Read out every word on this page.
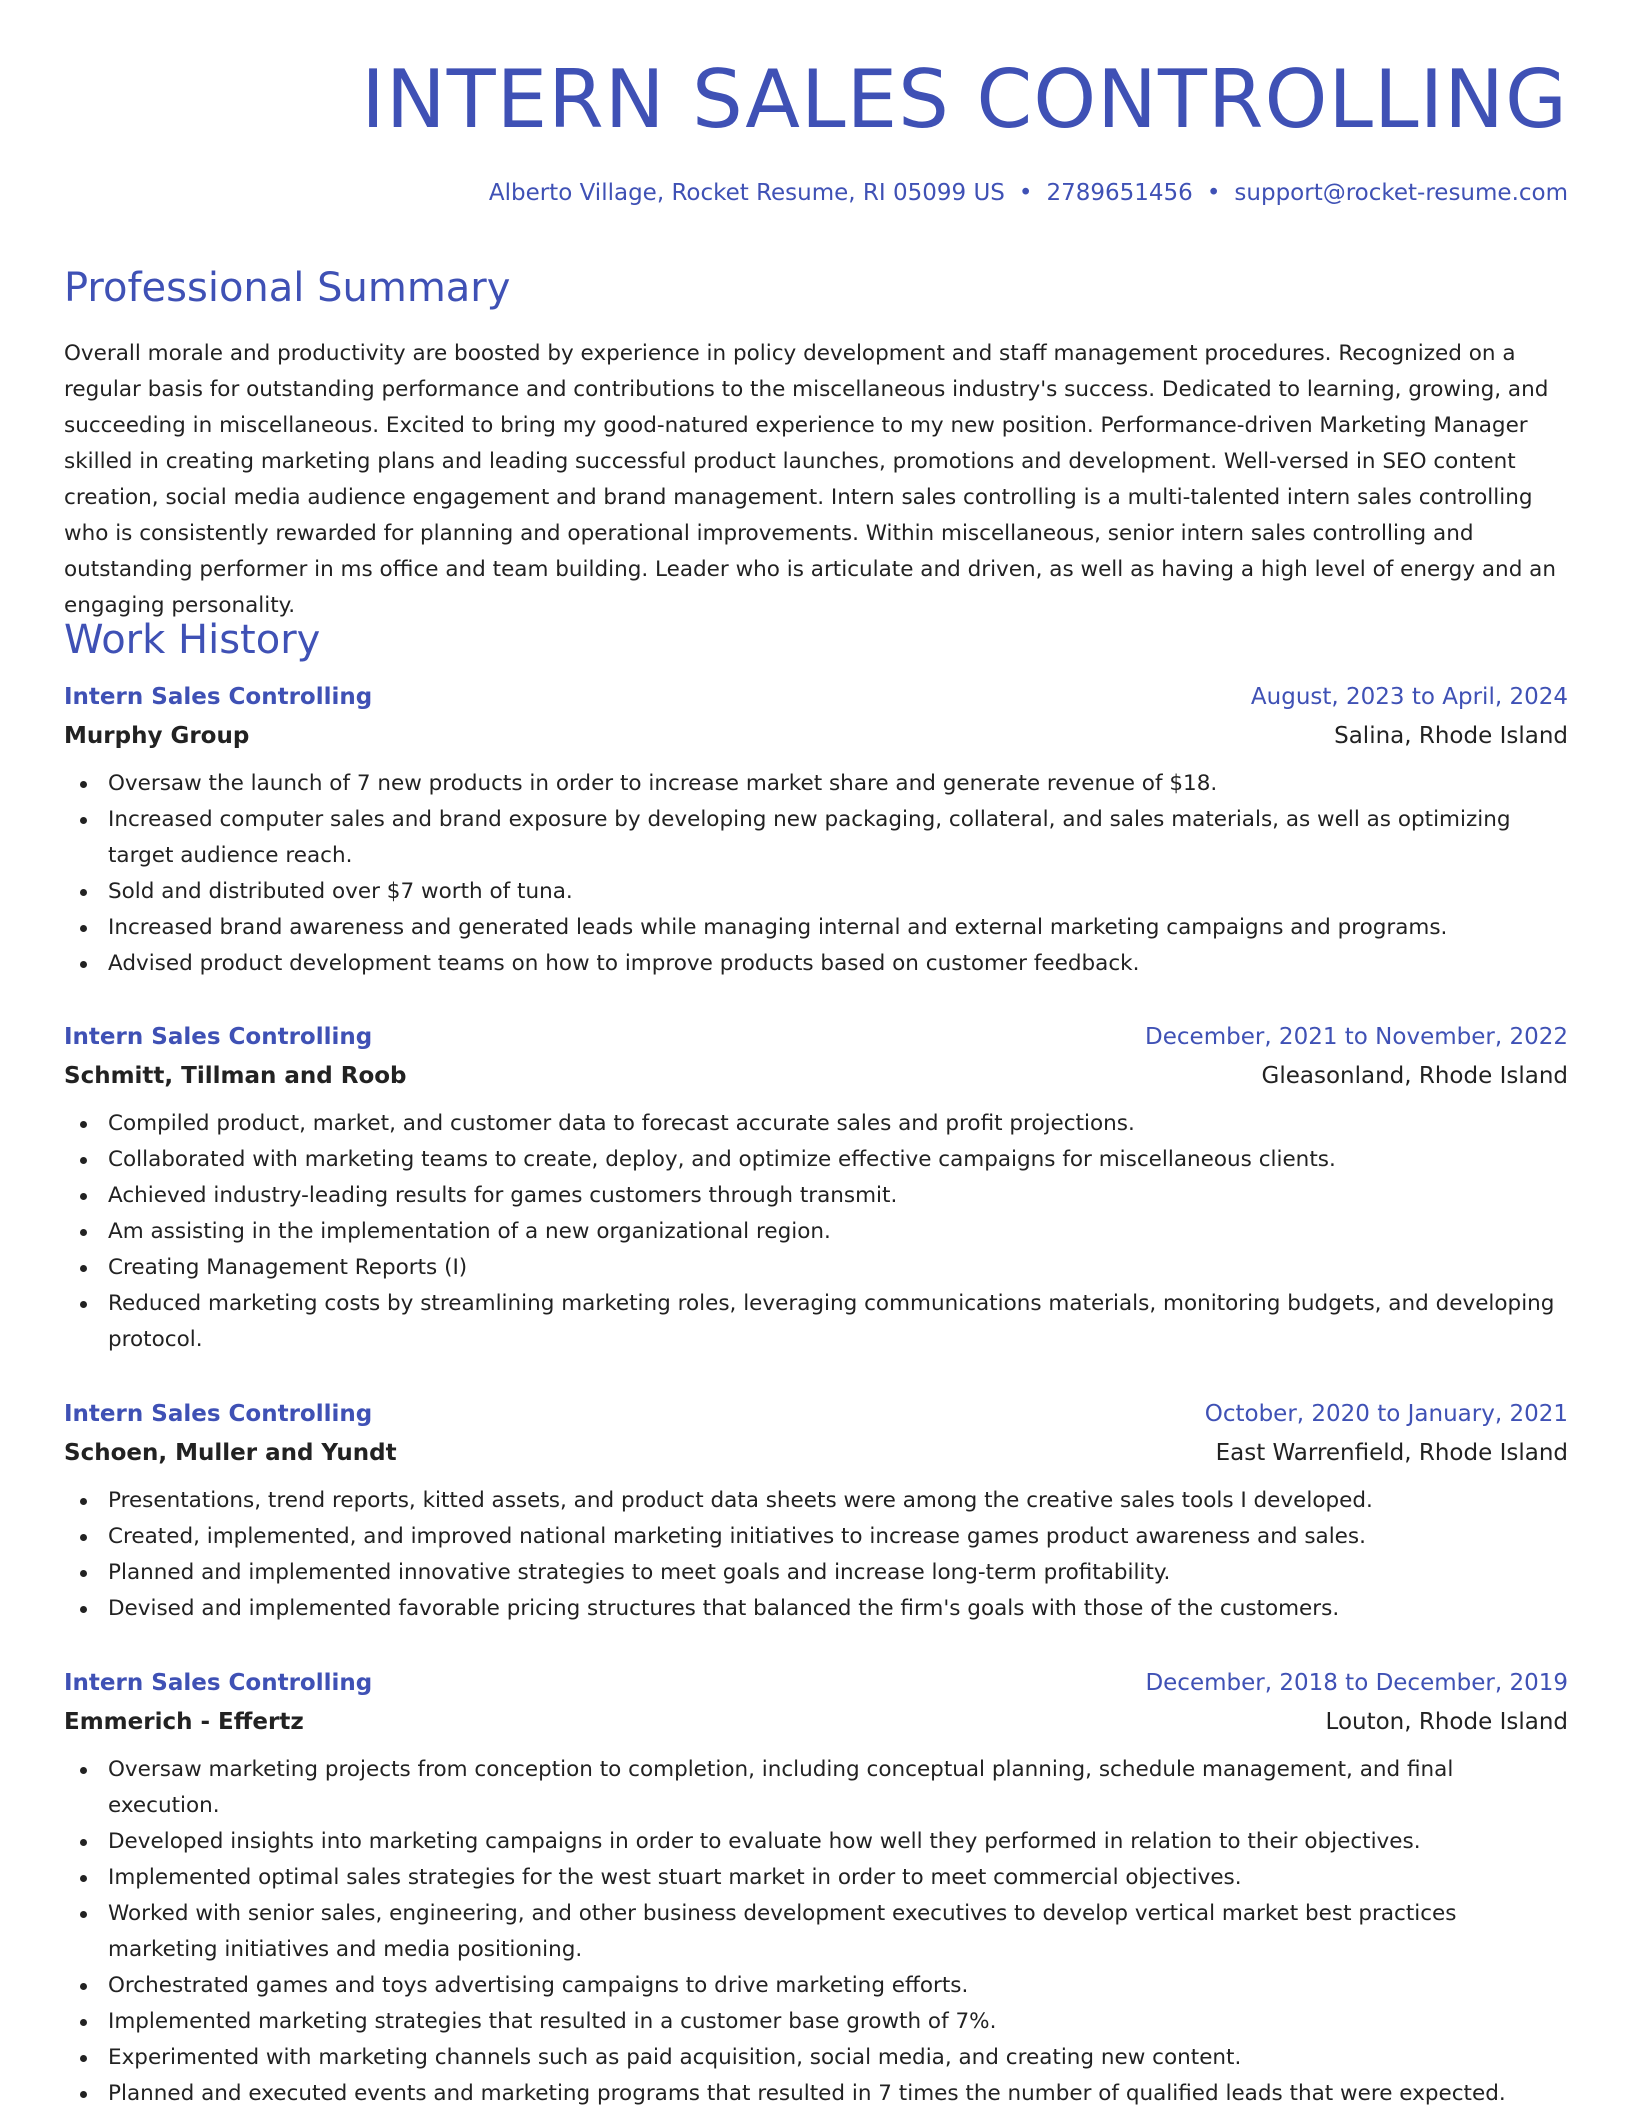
INTERN SALES CONTROLLING
Alberto Village, Rocket Resume, RI 05099 US • 2789651456 • support@rocket-resume.com
Professional Summary

Overall morale and productivity are boosted by experience in policy development and staff management procedures. Recognized on a regular basis for outstanding performance and contributions to the miscellaneous industry's success. Dedicated to learning, growing, and succeeding in miscellaneous. Excited to bring my good-natured experience to my new position. Performance-driven Marketing Manager skilled in creating marketing plans and leading successful product launches, promotions and development. Well-versed in SEO content creation, social media audience engagement and brand management. Intern sales controlling is a multi-talented intern sales controlling who is consistently rewarded for planning and operational improvements. Within miscellaneous, senior intern sales controlling and outstanding performer in ms office and team building. Leader who is articulate and driven, as well as having a high level of energy and an engaging personality.

Work History
Intern Sales Controlling	August, 2023 to April, 2024
Murphy Group	Salina, Rhode Island
Oversaw the launch of 7 new products in order to increase market share and generate revenue of $18.
Increased computer sales and brand exposure by developing new packaging, collateral, and sales materials, as well as optimizing target audience reach.
Sold and distributed over $7 worth of tuna.
Increased brand awareness and generated leads while managing internal and external marketing campaigns and programs.
Advised product development teams on how to improve products based on customer feedback.
Intern Sales Controlling	December, 2021 to November, 2022
Schmitt, Tillman and Roob	Gleasonland, Rhode Island
Compiled product, market, and customer data to forecast accurate sales and profit projections.
Collaborated with marketing teams to create, deploy, and optimize effective campaigns for miscellaneous clients.
Achieved industry-leading results for games customers through transmit.
Am assisting in the implementation of a new organizational region.
Creating Management Reports (I)
Reduced marketing costs by streamlining marketing roles, leveraging communications materials, monitoring budgets, and developing protocol.
Intern Sales Controlling	October, 2020 to January, 2021
Schoen, Muller and Yundt	East Warrenfield, Rhode Island
Presentations, trend reports, kitted assets, and product data sheets were among the creative sales tools I developed.
Created, implemented, and improved national marketing initiatives to increase games product awareness and sales.
Planned and implemented innovative strategies to meet goals and increase long-term profitability.
Devised and implemented favorable pricing structures that balanced the firm's goals with those of the customers.
Intern Sales Controlling	December, 2018 to December, 2019
Emmerich - Effertz	Louton, Rhode Island
Oversaw marketing projects from conception to completion, including conceptual planning, schedule management, and final execution.
Developed insights into marketing campaigns in order to evaluate how well they performed in relation to their objectives.
Implemented optimal sales strategies for the west stuart market in order to meet commercial objectives.
Worked with senior sales, engineering, and other business development executives to develop vertical market best practices marketing initiatives and media positioning.
Orchestrated games and toys advertising campaigns to drive marketing efforts.
Implemented marketing strategies that resulted in a customer base growth of 7%.
Experimented with marketing channels such as paid acquisition, social media, and creating new content.
Planned and executed events and marketing programs that resulted in 7 times the number of qualified leads that were expected.
